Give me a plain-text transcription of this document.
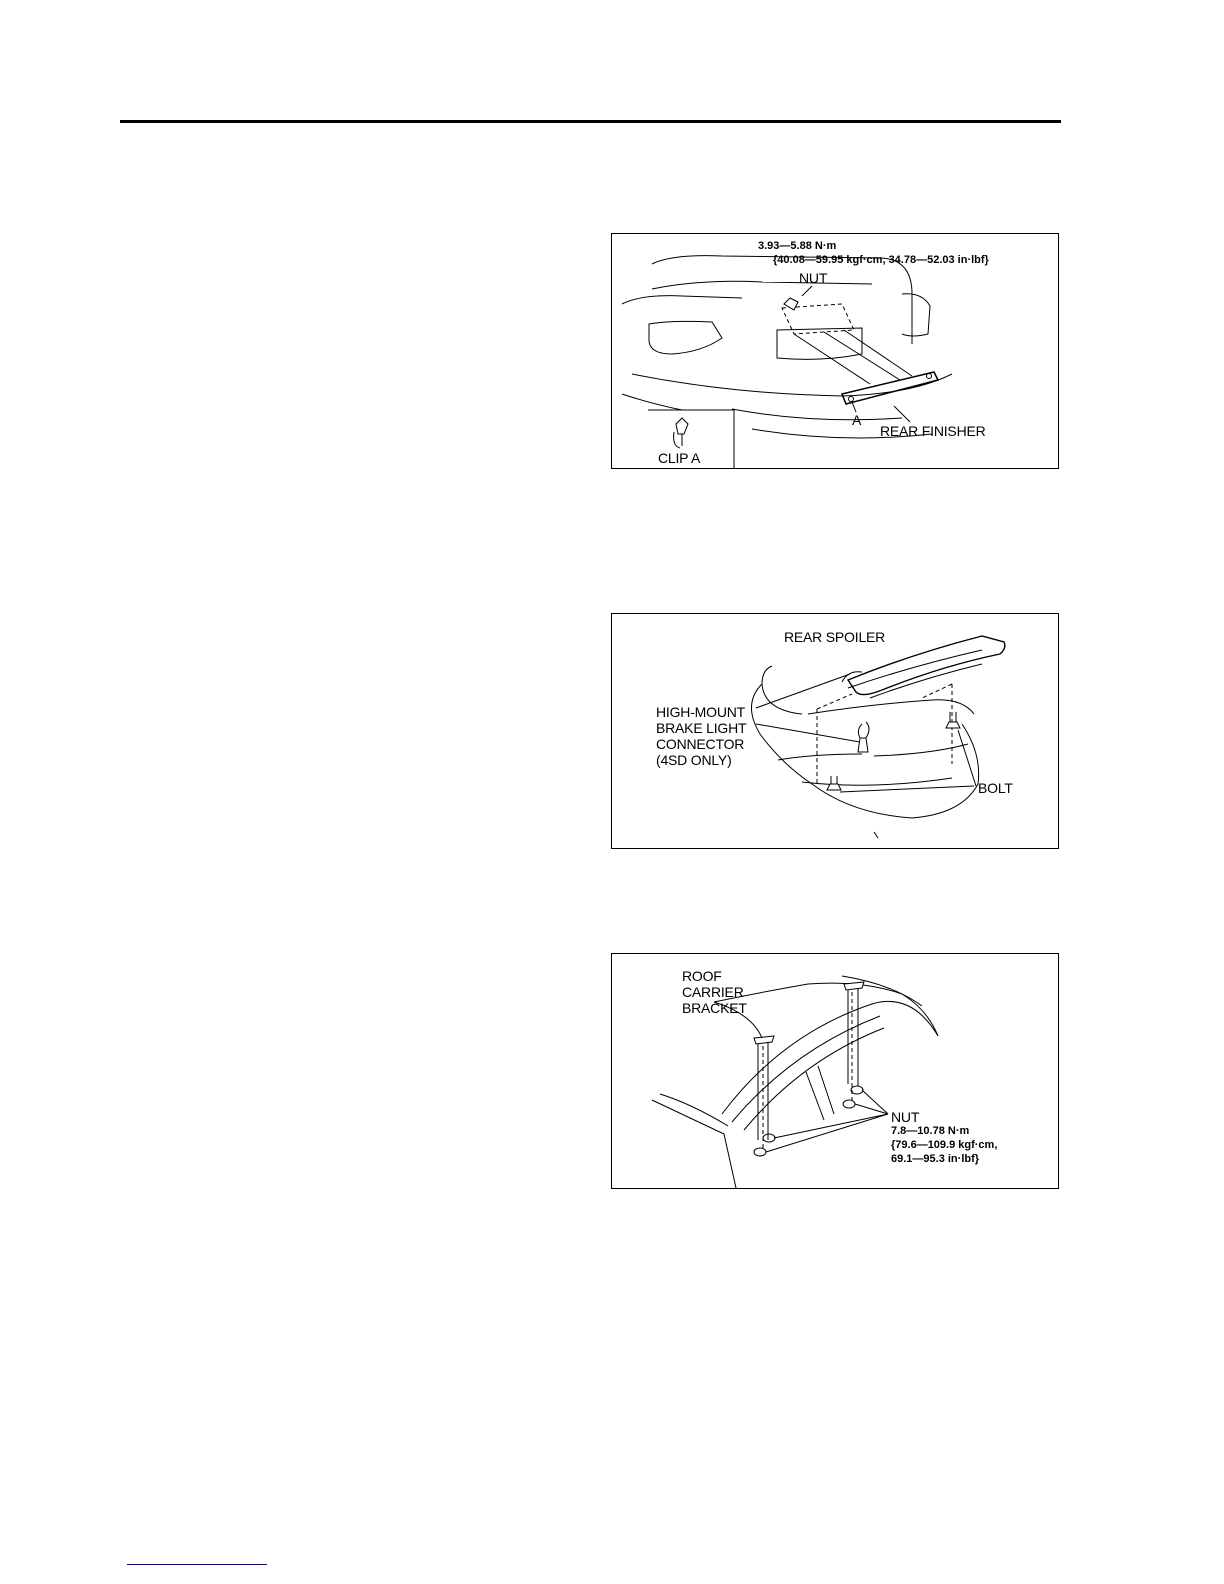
3.93—5.88 N·m
{40.08—59.95 kgf·cm, 34.78—52.03 in·lbf}
NUT
A
REAR FINISHER
CLIP A
REAR SPOILER
HIGH-MOUNT
BRAKE LIGHT
CONNECTOR
(4SD ONLY)
BOLT
ROOF
CARRIER
BRACKET
NUT
7.8—10.78 N·m
{79.6—109.9 kgf·cm,
69.1—95.3 in·lbf}
